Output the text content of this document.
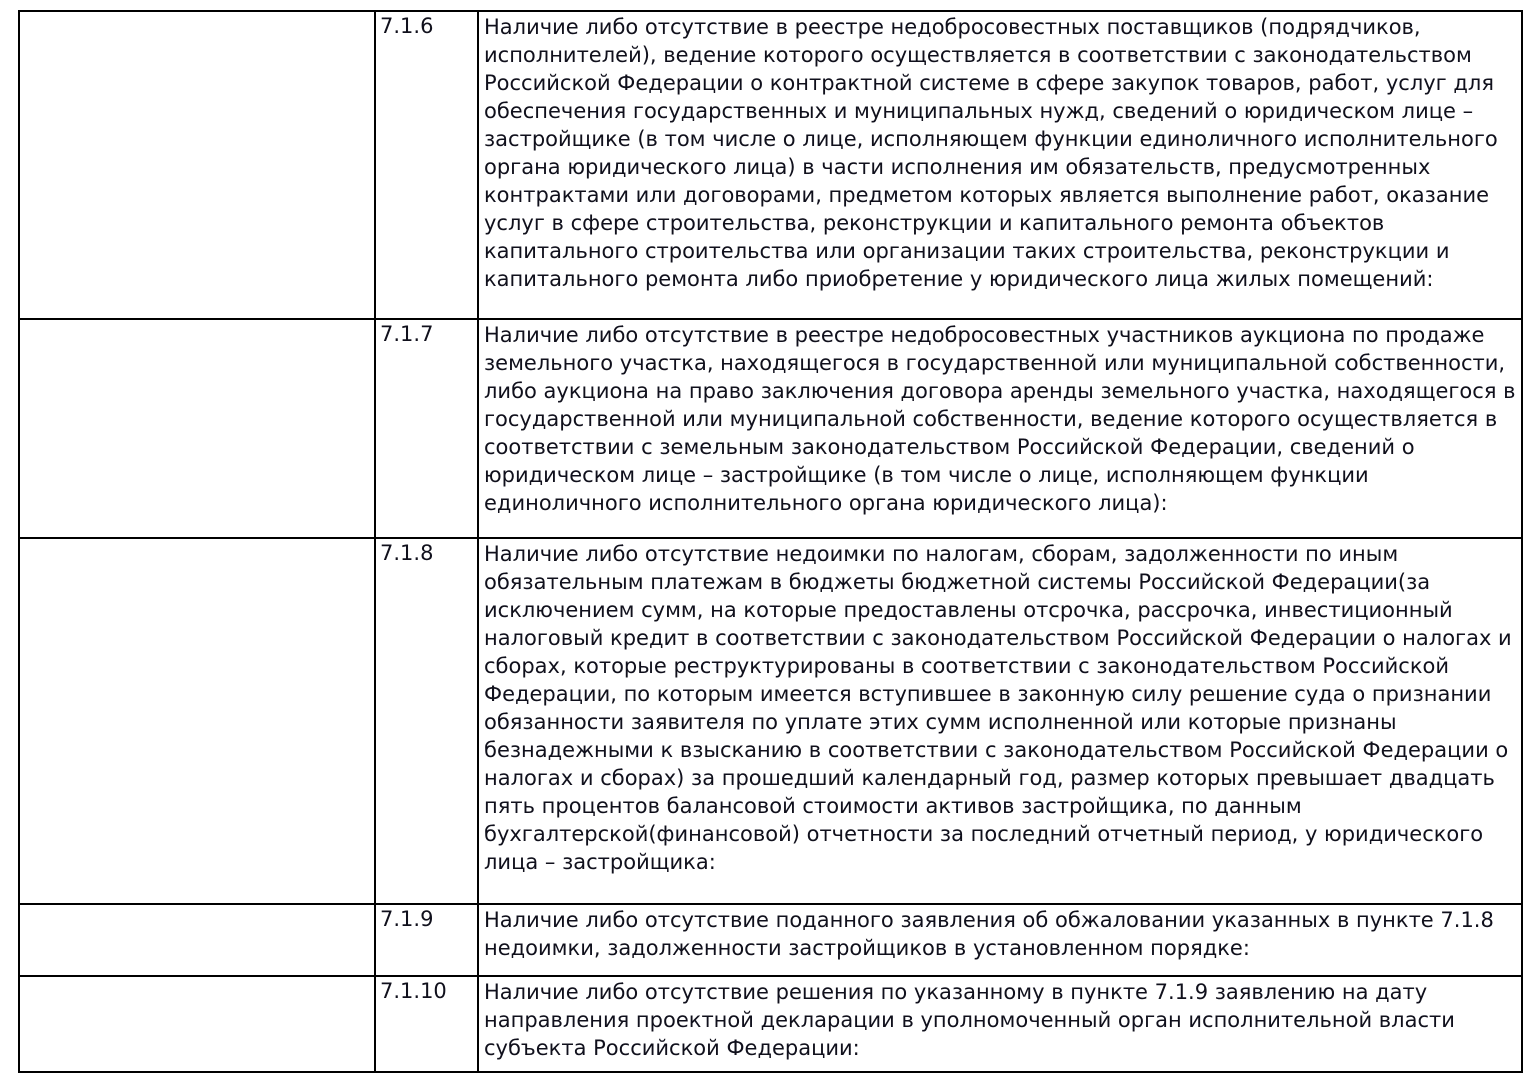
	7.1.6	Наличие либо отсутствие в реестре недобросовестных поставщиков (подрядчиков, исполнителей), ведение которого осуществляется в соответствии с законодательством Российской Федерации о контрактной системе в сфере закупок товаров, работ, услуг для обеспечения государственных и муниципальных нужд, сведений о юридическом лице – застройщике (в том числе о лице, исполняющем функции единоличного исполнительного органа юридического лица) в части исполнения им обязательств, предусмотренных контрактами или договорами, предметом которых является выполнение работ, оказание услуг в сфере строительства, реконструкции и капитального ремонта объектов капитального строительства или организации таких строительства, реконструкции и капитального ремонта либо приобретение у юридического лица жилых помещений:
	7.1.7	Наличие либо отсутствие в реестре недобросовестных участников аукциона по продаже земельного участка, находящегося в государственной или муниципальной собственности, либо аукциона на право заключения договора аренды земельного участка, находящегося в государственной или муниципальной собственности, ведение которого осуществляется в соответствии с земельным законодательством Российской Федерации, сведений о юридическом лице – застройщике (в том числе о лице, исполняющем функции единоличного исполнительного органа юридического лица):
	7.1.8	Наличие либо отсутствие недоимки по налогам, сборам, задолженности по иным обязательным платежам в бюджеты бюджетной системы Российской Федерации(за исключением сумм, на которые предоставлены отсрочка, рассрочка, инвестиционный налоговый кредит в соответствии с законодательством Российской Федерации о налогах и сборах, которые реструктурированы в соответствии с законодательством Российской Федерации, по которым имеется вступившее в законную силу решение суда о признании обязанности заявителя по уплате этих сумм исполненной или которые признаны безнадежными к взысканию в соответствии с законодательством Российской Федерации о налогах и сборах) за прошедший календарный год, размер которых превышает двадцать пять процентов балансовой стоимости активов застройщика, по данным бухгалтерской(финансовой) отчетности за последний отчетный период, у юридического лица – застройщика:
	7.1.9	Наличие либо отсутствие поданного заявления об обжаловании указанных в пункте 7.1.8 недоимки, задолженности застройщиков в установленном порядке:
	7.1.10	Наличие либо отсутствие решения по указанному в пункте 7.1.9 заявлению на дату направления проектной декларации в уполномоченный орган исполнительной власти субъекта Российской Федерации:
